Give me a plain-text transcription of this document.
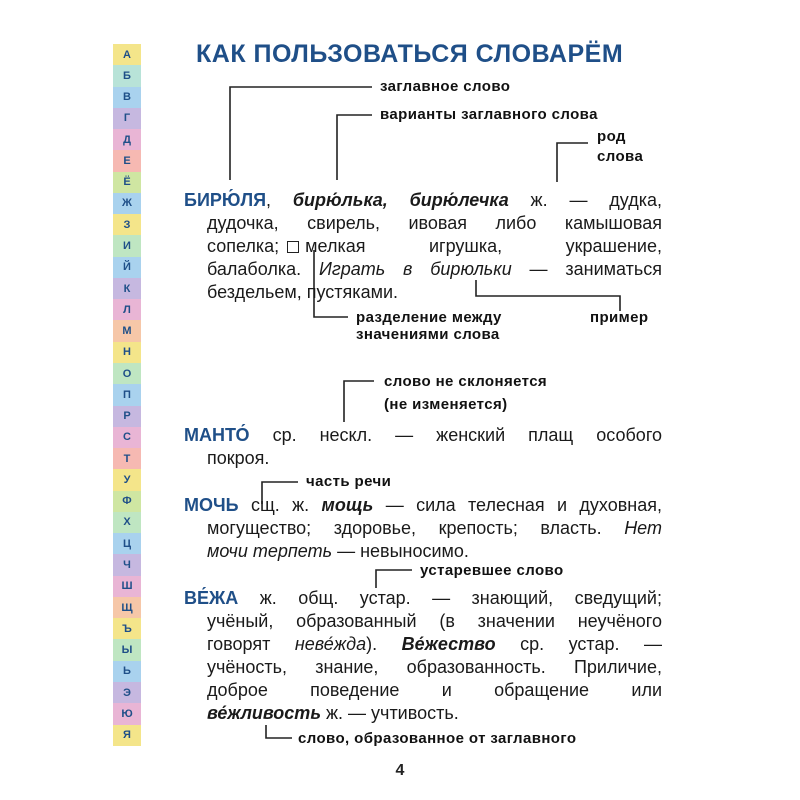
А
Б
В
Г
Д
Е
Ё
Ж
З
И
Й
К
Л
М
Н
О
П
Р
С
Т
У
Ф
Х
Ц
Ч
Ш
Щ
Ъ
Ы
Ь
Э
Ю
Я
КАК ПОЛЬЗОВАТЬСЯ СЛОВАРЁМ
заглавное слово
варианты заглавного слова
род
слова
разделение между
значениями слова
пример
слово не склоняется
(не изменяется)
часть речи
устаревшее слово
слово, образованное от заглавного
БИРЮ́ЛЯ, бирю́лька, бирю́лечка ж. — дудка,
дудочка, свирель, ивовая либо камышовая
сопелка; мелкая игрушка, украшение,
балаболка. Играть в бирюльки — заниматься
бездельем, пустяками.
МАНТО́ ср. нескл. — женский плащ особого
покроя.
МОЧЬ сщ. ж. мощь — сила телесная и духовная,
могущество; здоровье, крепость; власть. Нет
мочи терпеть — невыносимо.
ВЕ́ЖА ж. общ. устар. — знающий, сведущий;
учёный, образованный (в значении неучёного
говорят нeве́жда). Ве́жество ср. устар. —
учёность, знание, образованность. Приличие,
доброе поведение и обращение или
ве́жливость ж. — учтивость.
4
